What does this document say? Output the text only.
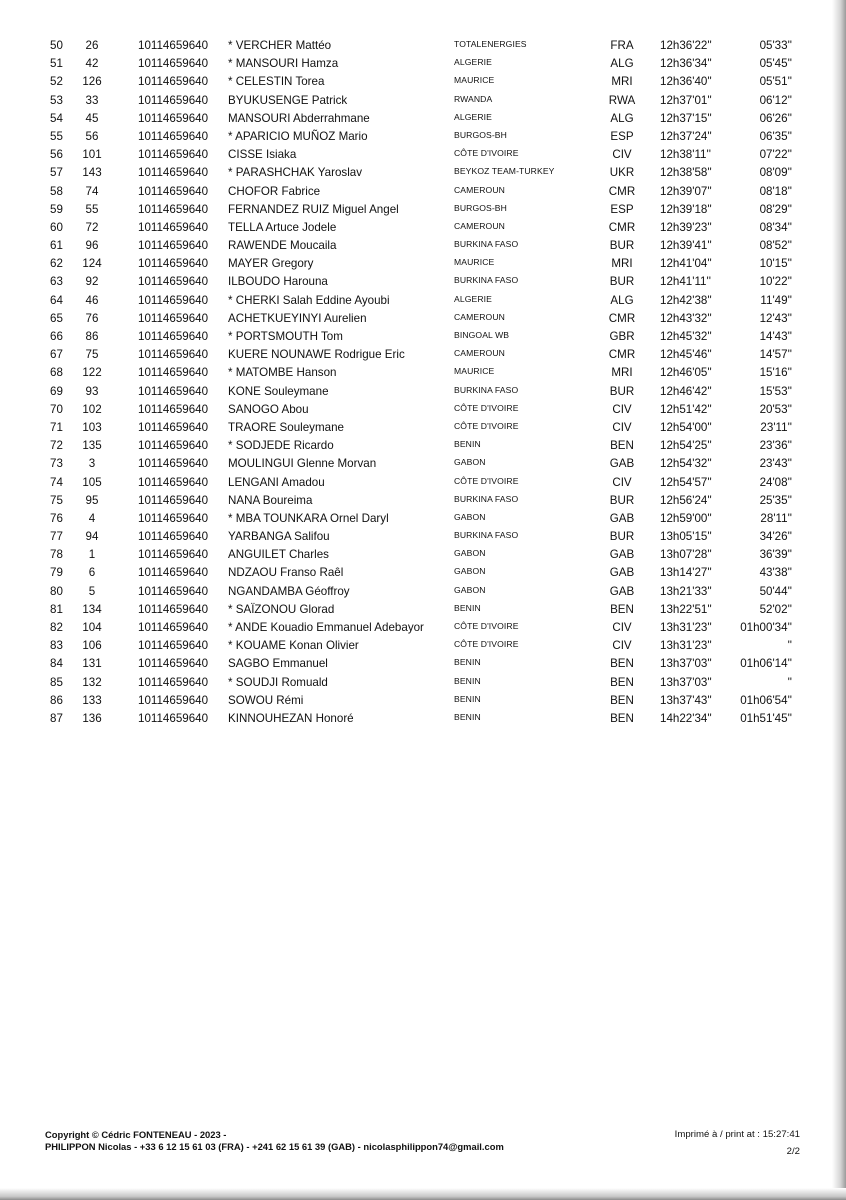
50	26	10114659640 * VERCHER Mattéo	TOTALENERGIES	FRA	12h36'22''	05'33''
51	42	10114659640 * MANSOURI Hamza	ALGERIE	ALG	12h36'34''	05'45''
52	126	10114659640 * CELESTIN Torea	MAURICE	MRI	12h36'40''	05'51''
53	33	10114659640 BYUKUSENGE Patrick	RWANDA	RWA	12h37'01''	06'12''
54	45	10114659640 MANSOURI Abderrahmane	ALGERIE	ALG	12h37'15''	06'26''
55	56	10114659640 * APARICIO MUÑOZ Mario	BURGOS-BH	ESP	12h37'24''	06'35''
56	101	10114659640 CISSE Isiaka	CÔTE D'IVOIRE	CIV	12h38'11''	07'22''
57	143	10114659640 * PARASHCHAK Yaroslav	BEYKOZ TEAM-TURKEY	UKR	12h38'58''	08'09''
58	74	10114659640 CHOFOR Fabrice	CAMEROUN	CMR	12h39'07''	08'18''
59	55	10114659640 FERNANDEZ RUIZ Miguel Angel	BURGOS-BH	ESP	12h39'18''	08'29''
60	72	10114659640 TELLA Artuce Jodele	CAMEROUN	CMR	12h39'23''	08'34''
61	96	10114659640 RAWENDE Moucaila	BURKINA FASO	BUR	12h39'41''	08'52''
62	124	10114659640 MAYER Gregory	MAURICE	MRI	12h41'04''	10'15''
63	92	10114659640 ILBOUDO Harouna	BURKINA FASO	BUR	12h41'11''	10'22''
64	46	10114659640 * CHERKI Salah Eddine Ayoubi	ALGERIE	ALG	12h42'38''	11'49''
65	76	10114659640 ACHETKUEYINYI Aurelien	CAMEROUN	CMR	12h43'32''	12'43''
66	86	10114659640 * PORTSMOUTH Tom	BINGOAL WB	GBR	12h45'32''	14'43''
67	75	10114659640 KUERE NOUNAWE Rodrigue Eric	CAMEROUN	CMR	12h45'46''	14'57''
68	122	10114659640 * MATOMBE Hanson	MAURICE	MRI	12h46'05''	15'16''
69	93	10114659640 KONE Souleymane	BURKINA FASO	BUR	12h46'42''	15'53''
70	102	10114659640 SANOGO Abou	CÔTE D'IVOIRE	CIV	12h51'42''	20'53''
71	103	10114659640 TRAORE Souleymane	CÔTE D'IVOIRE	CIV	12h54'00''	23'11''
72	135	10114659640 * SODJEDE Ricardo	BENIN	BEN	12h54'25''	23'36''
73	3	10114659640 MOULINGUI Glenne Morvan	GABON	GAB	12h54'32''	23'43''
74	105	10114659640 LENGANI Amadou	CÔTE D'IVOIRE	CIV	12h54'57''	24'08''
75	95	10114659640 NANA Boureima	BURKINA FASO	BUR	12h56'24''	25'35''
76	4	10114659640 * MBA TOUNKARA Ornel Daryl	GABON	GAB	12h59'00''	28'11''
77	94	10114659640 YARBANGA Salifou	BURKINA FASO	BUR	13h05'15''	34'26''
78	1	10114659640 ANGUILET Charles	GABON	GAB	13h07'28''	36'39''
79	6	10114659640 NDZAOU Franso Raêl	GABON	GAB	13h14'27''	43'38''
80	5	10114659640 NGANDAMBA Géoffroy	GABON	GAB	13h21'33''	50'44''
81	134	10114659640 * SAÏZONOU Glorad	BENIN	BEN	13h22'51''	52'02''
82	104	10114659640 * ANDE Kouadio Emmanuel Adebayor	CÔTE D'IVOIRE	CIV	13h31'23''	01h00'34''
83	106	10114659640 * KOUAME Konan Olivier	CÔTE D'IVOIRE	CIV	13h31'23''	''
84	131	10114659640 SAGBO Emmanuel	BENIN	BEN	13h37'03''	01h06'14''
85	132	10114659640 * SOUDJI Romuald	BENIN	BEN	13h37'03''	''
86	133	10114659640 SOWOU Rémi	BENIN	BEN	13h37'43''	01h06'54''
87	136	10114659640 KINNOUHEZAN Honoré	BENIN	BEN	14h22'34''	01h51'45''
Copyright © Cédric FONTENEAU - 2023 -
PHILIPPON Nicolas - +33 6 12 15 61 03 (FRA) - +241 62 15 61 39 (GAB) - nicolasphilippon74@gmail.com
Imprimé à / print at : 15:27:41
2/2
